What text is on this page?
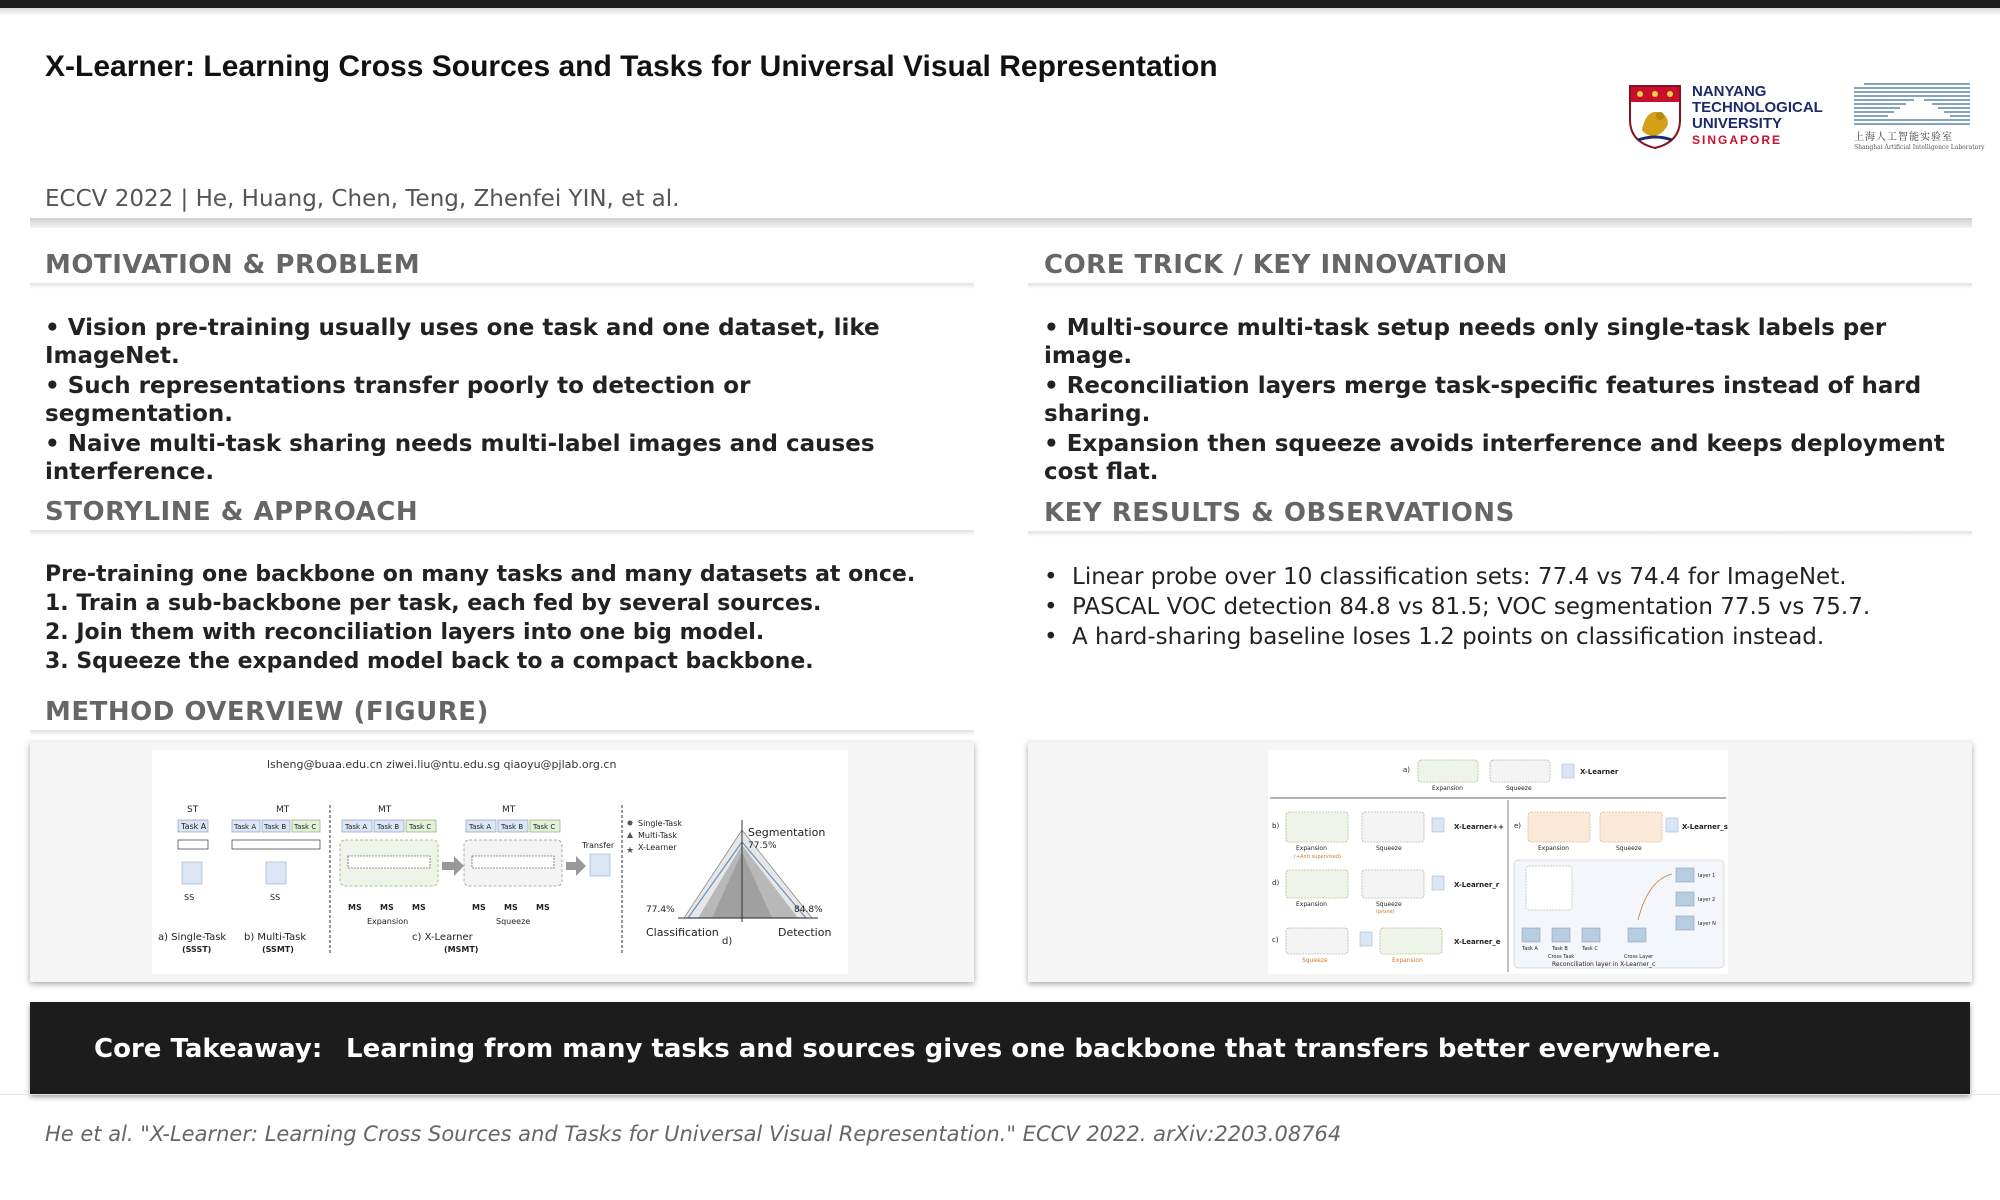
X-Learner: Learning Cross Sources and Tasks for Universal Visual Representation
NANYANG
TECHNOLOGICAL
UNIVERSITY
SINGAPORE	上海人工智能实验室
Shanghai Artificial Intelligence Laboratory
ECCV 2022 | He, Huang, Chen, Teng, Zhenfei YIN, et al.
MOTIVATION & PROBLEM

• Vision pre-training usually uses one task and one dataset, like ImageNet.

• Such representations transfer poorly to detection or segmentation.

• Naive multi-task sharing needs multi-label images and causes interference.

STORYLINE & APPROACH
Pre-training one backbone on many tasks and many datasets at once.
1. Train a sub-backbone per task, each fed by several sources.
2. Join them with reconciliation layers into one big model.
3. Squeeze the expanded model back to a compact backbone.
METHOD OVERVIEW (FIGURE)
CORE TRICK / KEY INNOVATION

• Multi-source multi-task setup needs only single-task labels per image.

• Reconciliation layers merge task-specific features instead of hard sharing.

• Expansion then squeeze avoids interference and keeps deployment cost flat.

KEY RESULTS & OBSERVATIONS
• Linear probe over 10 classification sets: 77.4 vs 74.4 for ImageNet.
• PASCAL VOC detection 84.8 vs 81.5; VOC segmentation 77.5 vs 75.7.
• A hard-sharing baseline loses 1.2 points on classification instead.
lsheng@buaa.edu.cn ziwei.liu@ntu.edu.sg qiaoyu@pjlab.org.cn
ST
Task A
SS
a) Single-Task
(SSST)
MT
Task A Task B Task C
SS
b) Multi-Task
(SSMT)
MT
Task A Task B Task C
MS MS MS
Expansion
MT
Task A Task B Task C
MS MS MS
Squeeze
Transfer
c) X-Learner
(MSMT)
★
Single-Task
Multi-Task
X-Learner
Segmentation
77.5%
77.4%	84.8%
Classification	Detection
d)
a)	X-Learner
Expansion	Squeeze
b)	X-Learner++
Expansion
(+Anti supervised)
Squeeze
d)	X-Learner_r
Expansion	Squeeze
(prune)
c)	X-Learner_e
Squeeze	Expansion
e)	X-Learner_s
Expansion	Squeeze
layer 1
layer 2
layer N
Task A	Task B	Task C
Cross Task	Cross Layer
Reconciliation layer in X-Learner_c
Core Takeaway: Learning from many tasks and sources gives one backbone that transfers better everywhere.
He et al. "X-Learner: Learning Cross Sources and Tasks for Universal Visual Representation." ECCV 2022. arXiv:2203.08764
